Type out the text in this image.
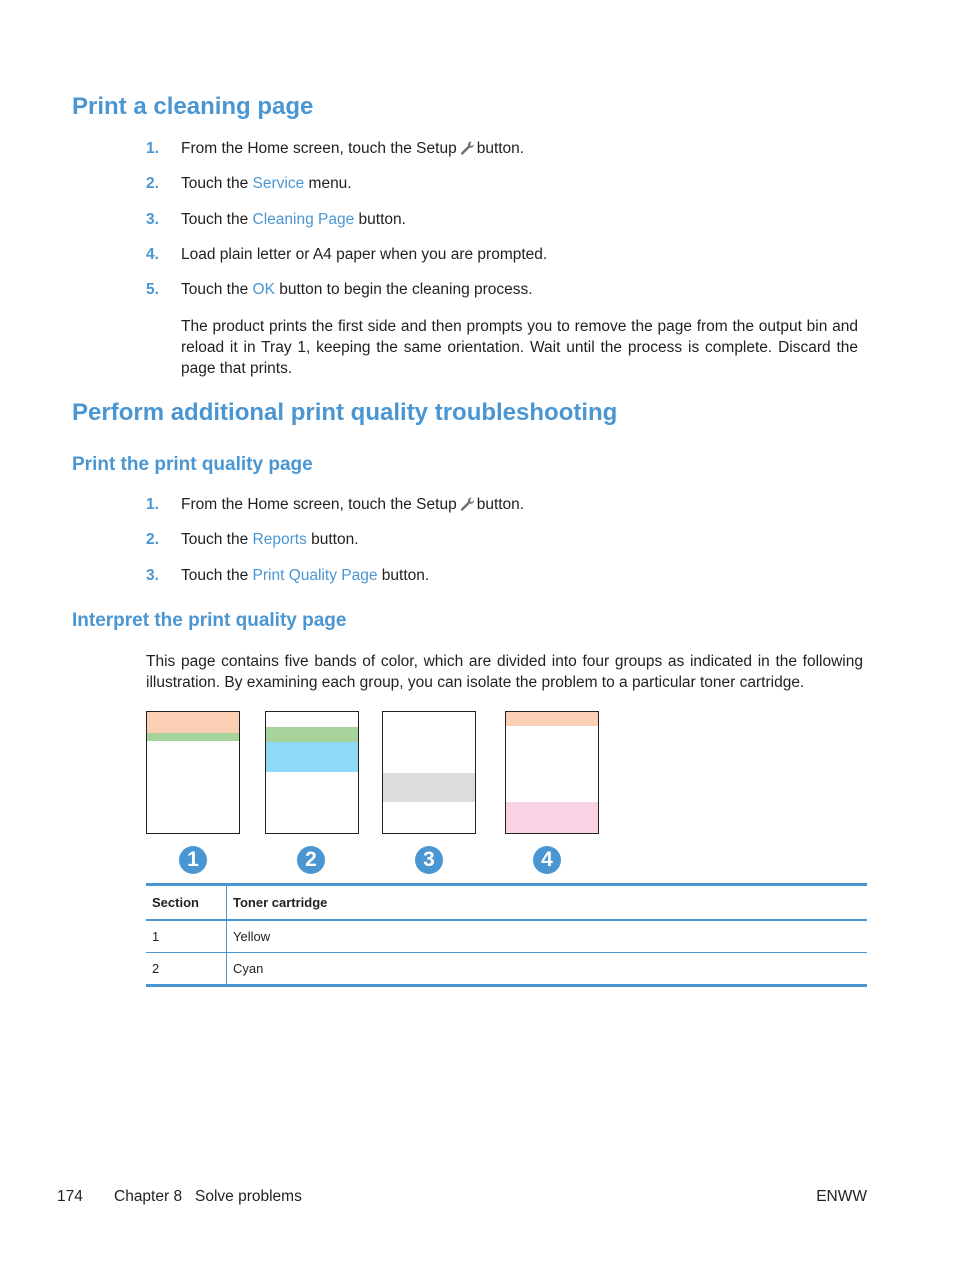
Print a cleaning page
1. From the Home screen, touch the Setup button.
2. Touch the Service menu.
3. Touch the Cleaning Page button.
4. Load plain letter or A4 paper when you are prompted.
5. Touch the OK button to begin the cleaning process.
The product prints the first side and then prompts you to remove the page from the output bin and reload it in Tray 1, keeping the same orientation. Wait until the process is complete. Discard the page that prints.
Perform additional print quality troubleshooting
Print the print quality page
1. From the Home screen, touch the Setup button.
2. Touch the Reports button.
3. Touch the Print Quality Page button.
Interpret the print quality page
This page contains five bands of color, which are divided into four groups as indicated in the following illustration. By examining each group, you can isolate the problem to a particular toner cartridge.
1	2	3	4
Section	Toner cartridge
1	Yellow
2	Cyan
174 Chapter 8   Solve problems	ENWW
